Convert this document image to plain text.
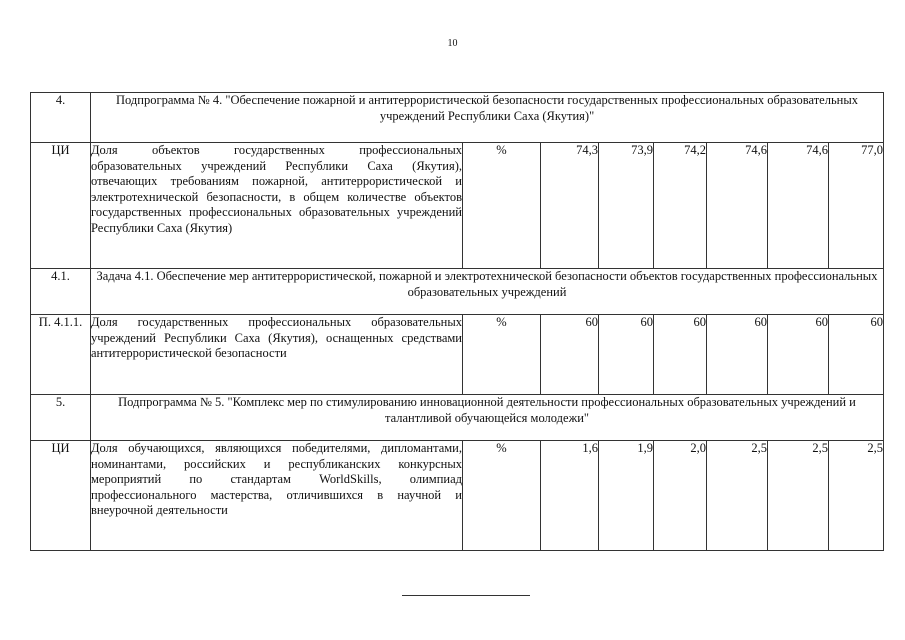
10
4.	Подпрограмма № 4. "Обеспечение пожарной и антитеррористической безопасности государственных профессиональных образовательных учреждений Республики Саха (Якутия)"							
ЦИ	Доля объектов государственных профессиональных образовательных учреждений Республики Саха (Якутия), отвечающих требованиям пожарной, антитеррористической и электротехнической безопасности, в общем количестве объектов государственных профессиональных образовательных учреждений Республики Саха (Якутия)	%	74,3	73,9	74,2	74,6	74,6	77,0
4.1.	Задача 4.1. Обеспечение мер антитеррористической, пожарной и электротехнической безопасности объектов государственных профессиональных образовательных учреждений							
П. 4.1.1.	Доля государственных профессиональных образовательных учреждений Республики Саха (Якутия), оснащенных средствами антитеррористической безопасности	%	60	60	60	60	60	60
5.	Подпрограмма № 5. "Комплекс мер по стимулированию инновационной деятельности профессиональных образовательных учреждений и талантливой обучающейся молодежи"							
ЦИ	Доля обучающихся, являющихся победителями, дипломантами, номинантами, российских и республиканских конкурсных мероприятий по стандартам WorldSkills, олимпиад профессионального мастерства, отличившихся в научной и внеурочной деятельности	%	1,6	1,9	2,0	2,5	2,5	2,5
